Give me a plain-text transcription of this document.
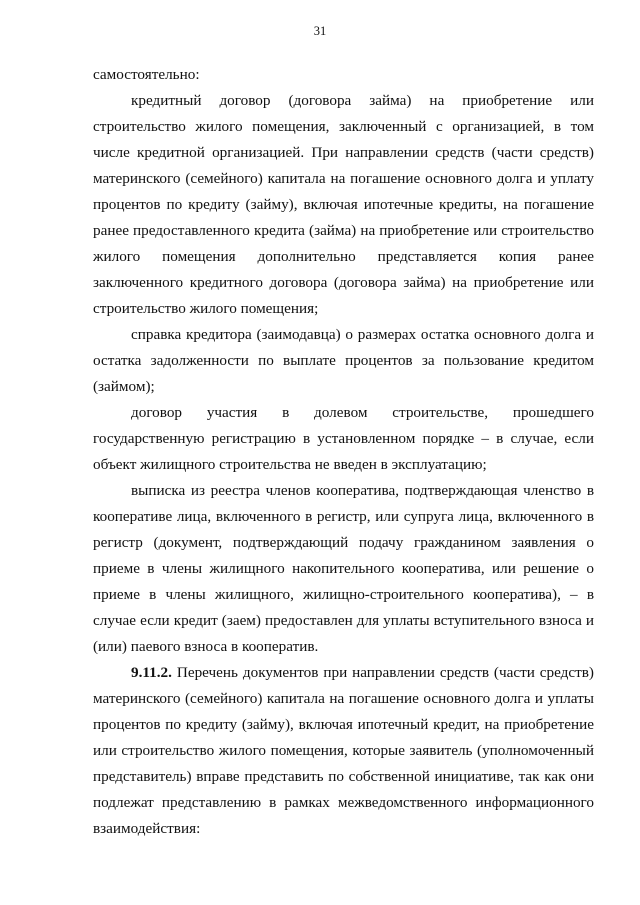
31

самостоятельно:

кредитный договор (договора займа) на приобретение или строительство жилого помещения, заключенный с организацией, в том числе кредитной организацией. При направлении средств (части средств) материнского (семейного) капитала на погашение основного долга и уплату процентов по кредиту (займу), включая ипотечные кредиты, на погашение ранее предоставленного кредита (займа) на приобретение или строительство жилого помещения дополнительно представляется копия ранее заключенного кредитного договора (договора займа) на приобретение или строительство жилого помещения;

справка кредитора (заимодавца) о размерах остатка основного долга и остатка задолженности по выплате процентов за пользование кредитом (займом);

договор участия в долевом строительстве, прошедшего государственную регистрацию в установленном порядке – в случае, если объект жилищного строительства не введен в эксплуатацию;

выписка из реестра членов кооператива, подтверждающая членство в кооперативе лица, включенного в регистр, или супруга лица, включенного в регистр (документ, подтверждающий подачу гражданином заявления о приеме в члены жилищного накопительного кооператива, или решение о приеме в члены жилищного, жилищно-строительного кооператива), – в случае если кредит (заем) предоставлен для уплаты вступительного взноса и (или) паевого взноса в кооператив.

9.11.2. Перечень документов при направлении средств (части средств) материнского (семейного) капитала на погашение основного долга и уплаты процентов по кредиту (займу), включая ипотечный кредит, на приобретение или строительство жилого помещения, которые заявитель (уполномоченный представитель) вправе представить по собственной инициативе, так как они подлежат представлению в рамках межведомственного информационного взаимодействия:
